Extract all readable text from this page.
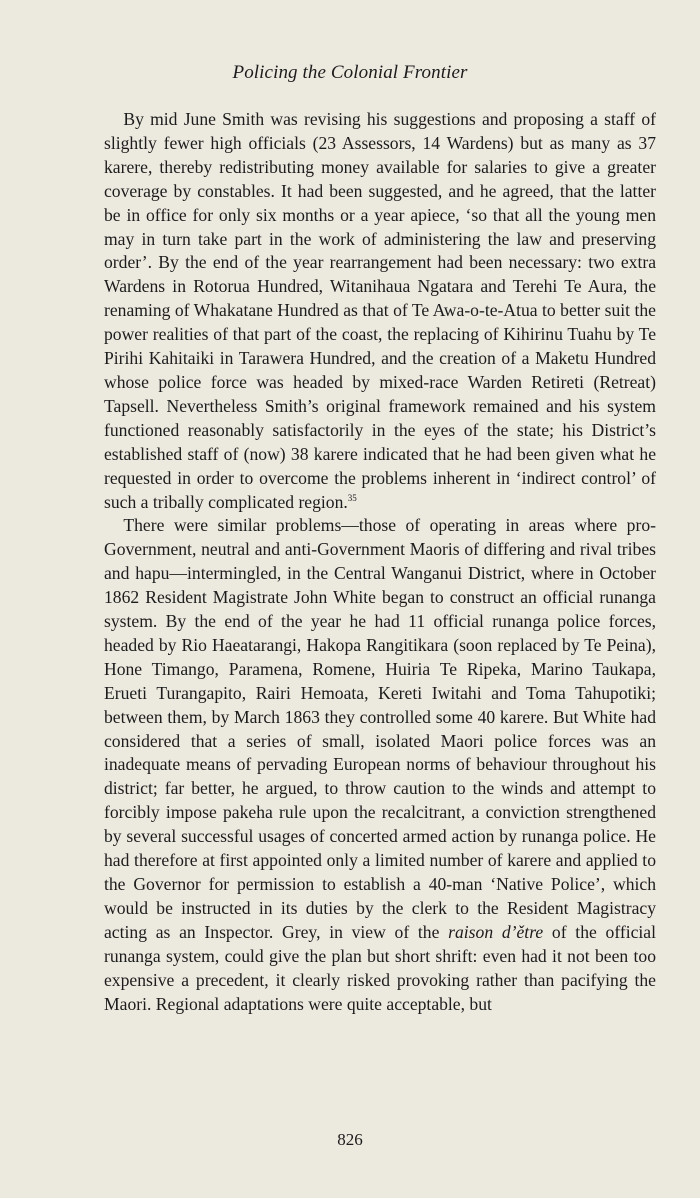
Policing the Colonial Frontier

By mid June Smith was revising his suggestions and proposing a staff of slightly fewer high officials (23 Assessors, 14 Wardens) but as many as 37 karere, thereby redistributing money available for salaries to give a greater coverage by constables. It had been suggested, and he agreed, that the latter be in office for only six months or a year apiece, ‘so that all the young men may in turn take part in the work of administering the law and preserving order’. By the end of the year rearrangement had been necessary: two extra Wardens in Rotorua Hundred, Witanihaua Ngatara and Terehi Te Aura, the renaming of Whakatane Hundred as that of Te Awa-o-te-Atua to better suit the power realities of that part of the coast, the replacing of Kihirinu Tuahu by Te Pirihi Kahitaiki in Tarawera Hundred, and the creation of a Maketu Hundred whose police force was headed by mixed-race Warden Retireti (Retreat) Tapsell. Nevertheless Smith’s original framework remained and his system functioned reasonably satisfactorily in the eyes of the state; his District’s established staff of (now) 38 karere indicated that he had been given what he requested in order to overcome the problems inherent in ‘indirect control’ of such a tribally complicated region.$^{35}$

There were similar problems—those of operating in areas where pro-Government, neutral and anti-Government Maoris of differing and rival tribes and hapu—intermingled, in the Central Wanganui District, where in October 1862 Resident Magistrate John White began to construct an official runanga system. By the end of the year he had 11 official runanga police forces, headed by Rio Haeatarangi, Hakopa Rangitikara (soon replaced by Te Peina), Hone Timango, Paramena, Romene, Huiria Te Ripeka, Marino Taukapa, Erueti Turangapito, Rairi Hemoata, Kereti Iwitahi and Toma Tahupotiki; between them, by March 1863 they controlled some 40 karere. But White had considered that a series of small, isolated Maori police forces was an inadequate means of pervading European norms of behaviour throughout his district; far better, he argued, to throw caution to the winds and attempt to forcibly impose pakeha rule upon the recalcitrant, a conviction strengthened by several successful usages of concerted armed action by runanga police. He had therefore at first appointed only a limited number of karere and applied to the Governor for permission to establish a 40-man ‘Native Police’, which would be instructed in its duties by the clerk to the Resident Magistracy acting as an Inspector. Grey, in view of the raison d’ětre of the official runanga system, could give the plan but short shrift: even had it not been too expensive a precedent, it clearly risked provoking rather than pacifying the Maori. Regional adaptations were quite acceptable, but

826
